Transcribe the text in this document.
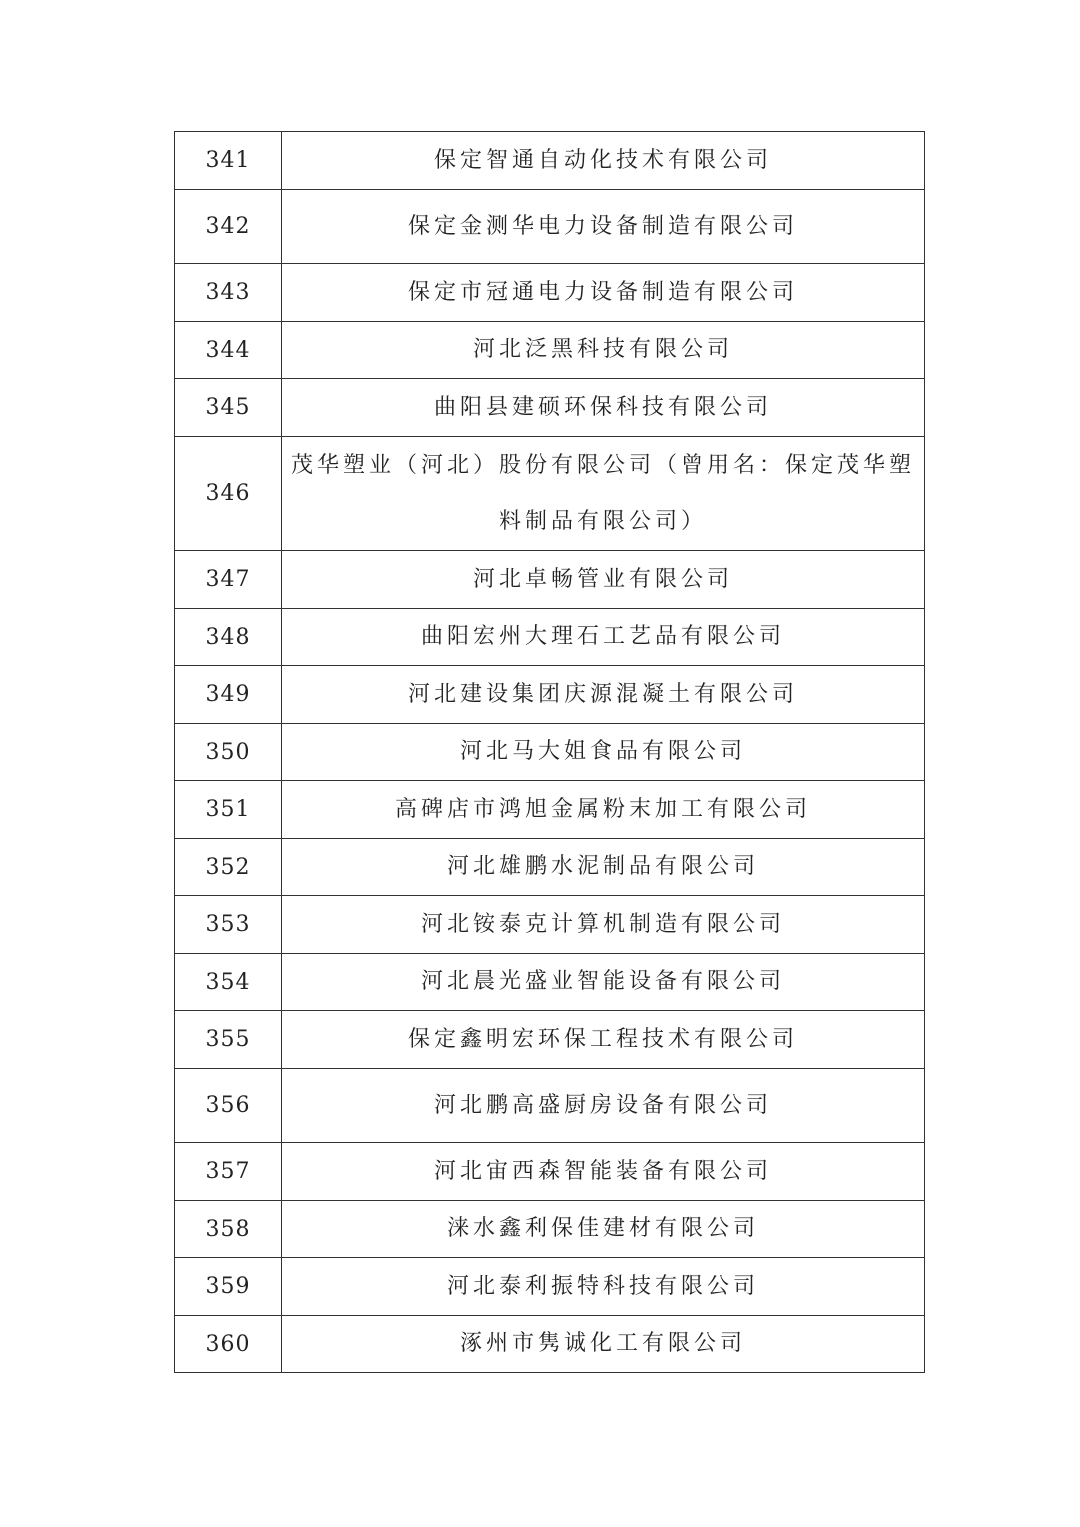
341	保定智通自动化技术有限公司
342	保定金测华电力设备制造有限公司
343	保定市冠通电力设备制造有限公司
344	河北泛黑科技有限公司
345	曲阳县建硕环保科技有限公司
346	茂华塑业（河北）股份有限公司（曾用名：保定茂华塑料制品有限公司）
347	河北卓畅管业有限公司
348	曲阳宏州大理石工艺品有限公司
349	河北建设集团庆源混凝土有限公司
350	河北马大姐食品有限公司
351	高碑店市鸿旭金属粉末加工有限公司
352	河北雄鹏水泥制品有限公司
353	河北铵泰克计算机制造有限公司
354	河北晨光盛业智能设备有限公司
355	保定鑫明宏环保工程技术有限公司
356	河北鹏高盛厨房设备有限公司
357	河北宙西森智能装备有限公司
358	涞水鑫利保佳建材有限公司
359	河北泰利振特科技有限公司
360	涿州市隽诚化工有限公司
